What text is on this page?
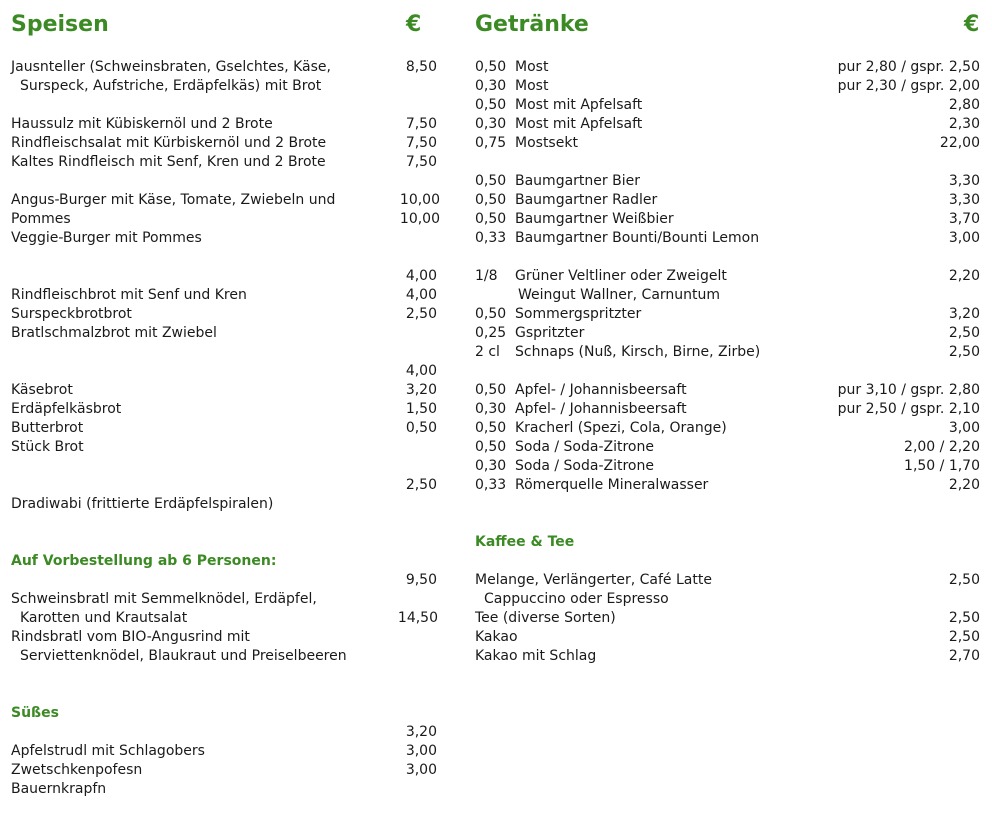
Speisen	€
Jausnteller (Schweinsbraten, Gselchtes, Käse,
Surspeck, Aufstriche, Erdäpfelkäs) mit Brot
Haussulz mit Kübiskernöl und 2 Brote
Rindfleischsalat mit Kürbiskernöl und 2 Brote
Kaltes Rindfleisch mit Senf, Kren und 2 Brote
Angus-Burger mit Käse, Tomate, Zwiebeln und
Pommes
Veggie-Burger mit Pommes
Rindfleischbrot mit Senf und Kren
Surspeckbrotbrot
Bratlschmalzbrot mit Zwiebel
Käsebrot
Erdäpfelkäsbrot
Butterbrot
Stück Brot
Dradiwabi (frittierte Erdäpfelspiralen)
Auf Vorbestellung ab 6 Personen:
Schweinsbratl mit Semmelknödel, Erdäpfel,
Karotten und Krautsalat
Rindsbratl vom BIO-Angusrind mit
Serviettenknödel, Blaukraut und Preiselbeeren
Süßes
Apfelstrudl mit Schlagobers
Zwetschkenpofesn
Bauernkrapfn
8,50
7,50
7,50
7,50
10,00
10,00
4,00
4,00
2,50
4,00
3,20
1,50
0,50
2,50
9,50
14,50
3,20
3,00
3,00
Getränke	€
0,50
0,30
0,50
0,30
0,75
0,50
0,50
0,50
0,33
1/8
0,50
0,25
2 cl
0,50
0,30
0,50
0,50
0,30
0,33
Most
Most
Most mit Apfelsaft
Most mit Apfelsaft
Mostsekt
Baumgartner Bier
Baumgartner Radler
Baumgartner Weißbier
Baumgartner Bounti/Bounti Lemon
Grüner Veltliner oder Zweigelt
Weingut Wallner, Carnuntum
Sommergspritzter
Gspritzter
Schnaps (Nuß, Kirsch, Birne, Zirbe)
Apfel- / Johannisbeersaft
Apfel- / Johannisbeersaft
Kracherl (Spezi, Cola, Orange)
Soda / Soda-Zitrone
Soda / Soda-Zitrone
Römerquelle Mineralwasser
pur 2,80 / gspr. 2,50
pur 2,30 / gspr. 2,00
2,80
2,30
22,00
3,30
3,30
3,70
3,00
2,20
3,20
2,50
2,50
pur 3,10 / gspr. 2,80
pur 2,50 / gspr. 2,10
3,00
2,00 / 2,20
1,50 / 1,70
2,20
Kaffee & Tee
Melange, Verlängerter, Café Latte
Cappuccino oder Espresso
Tee (diverse Sorten)
Kakao
Kakao mit Schlag
2,50
2,50
2,50
2,70
